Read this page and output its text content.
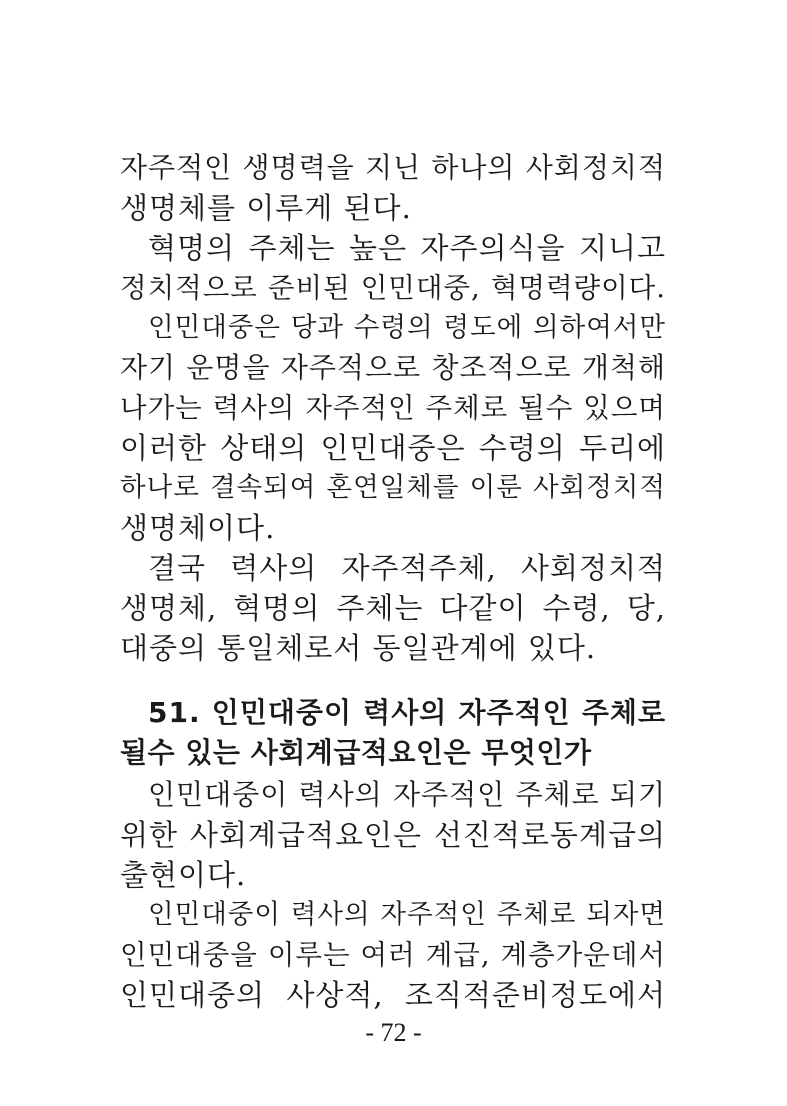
자주적인 생명력을 지닌 하나의 사회정치적
생명체를 이루게 된다.
혁명의 주체는 높은 자주의식을 지니고
정치적으로 준비된 인민대중, 혁명력량이다.
인민대중은 당과 수령의 령도에 의하여서만
자기 운명을 자주적으로 창조적으로 개척해
나가는 력사의 자주적인 주체로 될수 있으며
이러한 상태의 인민대중은 수령의 두리에
하나로 결속되여 혼연일체를 이룬 사회정치적
생명체이다.
결국 력사의 자주적주체, 사회정치적
생명체, 혁명의 주체는 다같이 수령, 당,
대중의 통일체로서 동일관계에 있다.
51. 인민대중이 력사의 자주적인 주체로
될수 있는 사회계급적요인은 무엇인가
인민대중이 력사의 자주적인 주체로 되기
위한 사회계급적요인은 선진적로동계급의
출현이다.
인민대중이 력사의 자주적인 주체로 되자면
인민대중을 이루는 여러 계급, 계층가운데서
인민대중의 사상적, 조직적준비정도에서
- 72 -
